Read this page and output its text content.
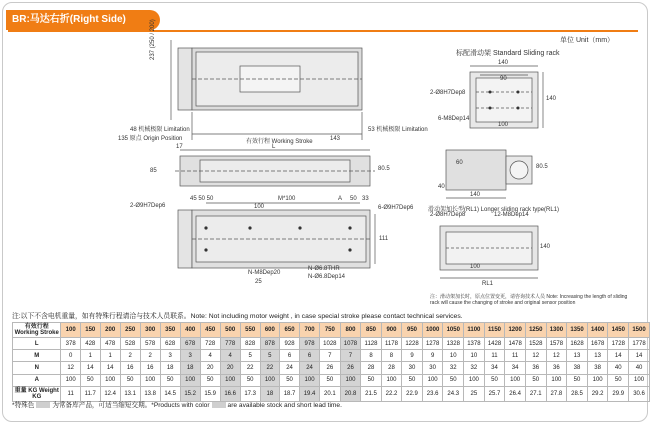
BR:马达右折(Right Side)
单位 Unit（mm）
48 机械极限 Limitation
135 原点 Origin Position	有效行程 Working Stroke
53 机械极限 Limitation
143
17	L
85	80.5
2-Ø9H7Dep6
45 50 50	M*100	A 50 33
100	6-Ø9H7Dep6
111
N-M8Dep20
N-Ø6.8THR
N-Ø6.8Dep14
25
237 (250 / 200)	标配滑动架 Standard Sliding rack
140
90
2-Ø8H7Dep8
6-M8Dep14
100
140
60
80.5
140
40
滑动架加长型(RL1) Longer sliding rack type(RL1)
2-Ø8H7Dep8	12-M8Dep14
100
140
RL1
注：滑动架加长时，原点位置变更，请咨询技术人员 Note: Increasing the length of sliding rack will cause the changing of stroke and original sensor position
注:以下不含电机重量，如有特殊行程请洽与技术人员联系。Note: Not including motor weight , in case special stroke please contact technical services.
有效行程 Working Stroke	100	150	200	250	300	350	400	450	500	550	600	650	700	750	800	850	900	950	1000	1050	1100	1150	1200	1250	1300	1350	1400	1450	1500
L	378	428	478	528	578	628	678	728	778	828	878	928	978	1028	1078	1128	1178	1228	1278	1328	1378	1428	1478	1528	1578	1628	1678	1728	1778
M	0	1	1	2	2	3	3	4	4	5	5	6	6	7	7	8	8	9	9	10	10	11	11	12	12	13	13	14	14
N	12	14	14	16	16	18	18	20	20	22	22	24	24	26	26	28	28	30	30	32	32	34	34	36	36	38	38	40	40
A	100	50	100	50	100	50	100	50	100	50	100	50	100	50	100	50	100	50	100	50	100	50	100	50	100	50	100	50	100
重量 KG Weight KG	11	11.7	12.4	13.1	13.8	14.5	15.2	15.9	16.6	17.3	18	18.7	19.4	20.1	20.8	21.5	22.2	22.9	23.6	24.3	25	25.7	26.4	27.1	27.8	28.5	29.2	29.9	30.6
*特殊色	为常备库产品，可适当缩短交期。*Products with color	are available stock and short lead time.
